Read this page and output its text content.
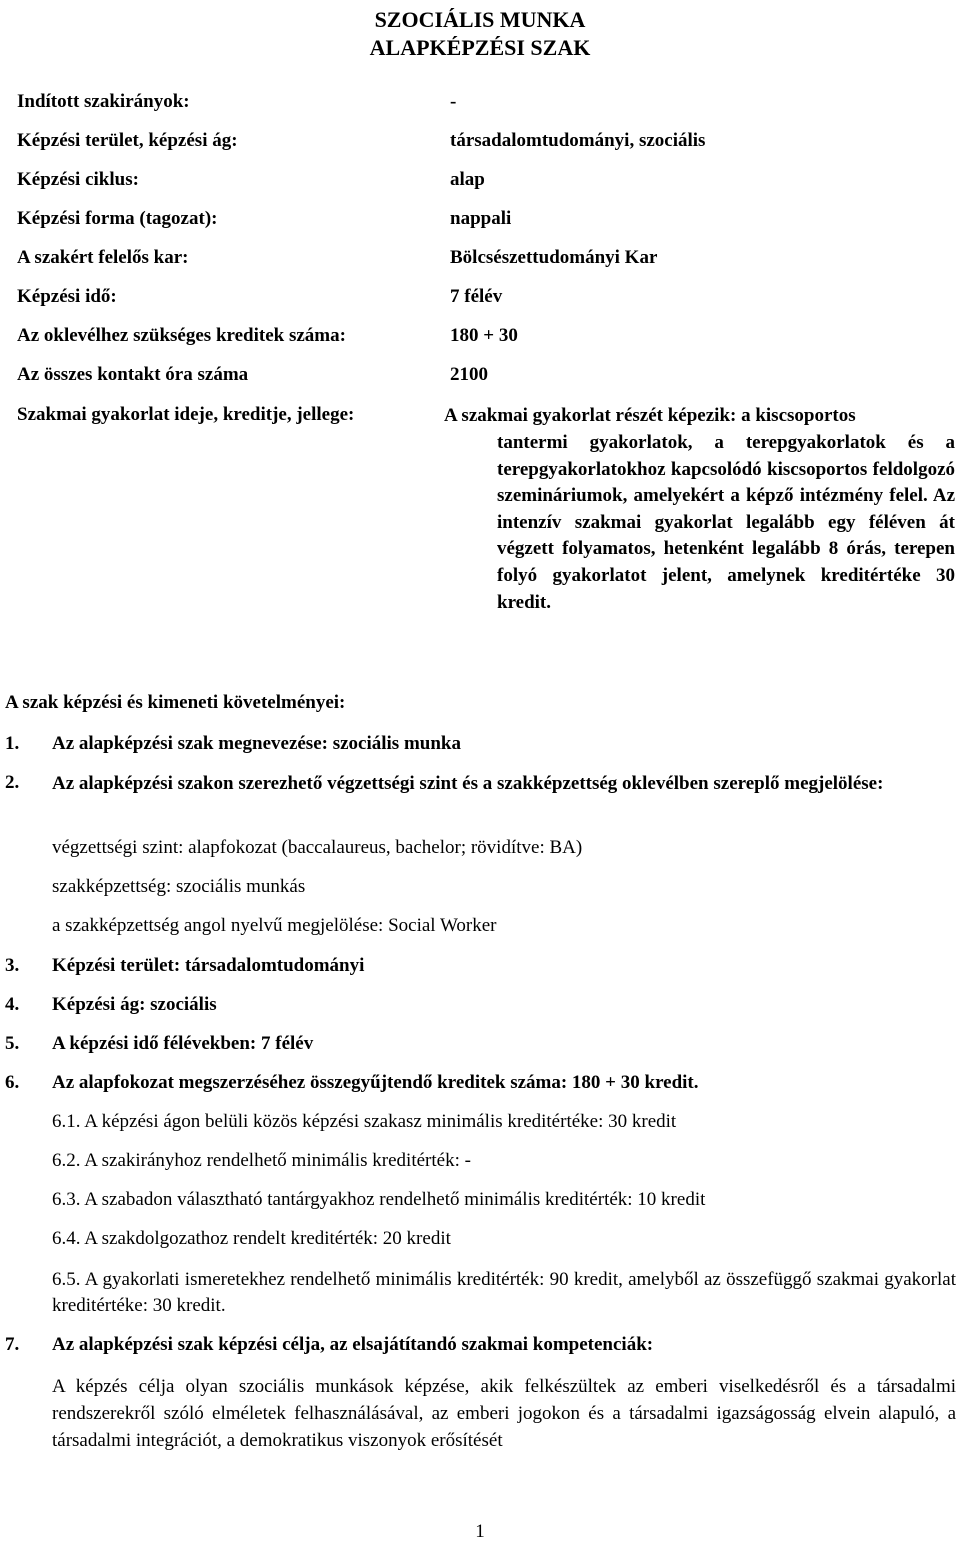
SZOCIÁLIS MUNKA
ALAPKÉPZÉSI SZAK
Indított szakirányok:	-
Képzési terület, képzési ág:	társadalomtudományi, szociális
Képzési ciklus:	alap
Képzési forma (tagozat):	nappali
A szakért felelős kar:	Bölcsészettudományi Kar
Képzési idő:	7 félév
Az oklevélhez szükséges kreditek száma:	180 + 30
Az összes kontakt óra száma	2100
Szakmai gyakorlat ideje, kreditje, jellege:	A szakmai gyakorlat részét képezik: a kiscsoportos
tantermi gyakorlatok, a terepgyakorlatok és a terepgyakorlatokhoz kapcsolódó kiscsoportos feldolgozó szemináriumok, amelyekért a képző intézmény felel. Az intenzív szakmai gyakorlat legalább egy féléven át végzett folyamatos, hetenként legalább 8 órás, terepen folyó gyakorlatot jelent, amelynek kreditértéke 30 kredit.
A szak képzési és kimeneti követelményei:
1. Az alapképzési szak megnevezése: szociális munka
2. Az alapképzési szakon szerezhető végzettségi szint és a szakképzettség oklevélben szereplő megjelölése:
végzettségi szint: alapfokozat (baccalaureus, bachelor; rövidítve: BA)
szakképzettség: szociális munkás
a szakképzettség angol nyelvű megjelölése: Social Worker
3. Képzési terület: társadalomtudományi
4. Képzési ág: szociális
5. A képzési idő félévekben: 7 félév
6. Az alapfokozat megszerzéséhez összegyűjtendő kreditek száma: 180 + 30 kredit.
6.1. A képzési ágon belüli közös képzési szakasz minimális kreditértéke: 30 kredit
6.2. A szakirányhoz rendelhető minimális kreditérték: -
6.3. A szabadon választható tantárgyakhoz rendelhető minimális kreditérték: 10 kredit
6.4. A szakdolgozathoz rendelt kreditérték: 20 kredit
6.5. A gyakorlati ismeretekhez rendelhető minimális kreditérték: 90 kredit, amelyből az összefüggő szakmai gyakorlat kreditértéke: 30 kredit.
7. Az alapképzési szak képzési célja, az elsajátítandó szakmai kompetenciák:
A képzés célja olyan szociális munkások képzése, akik felkészültek az emberi viselkedésről és a társadalmi rendszerekről szóló elméletek felhasználásával, az emberi jogokon és a társadalmi igazságosság elvein alapuló, a társadalmi integrációt, a demokratikus viszonyok erősítését
1
